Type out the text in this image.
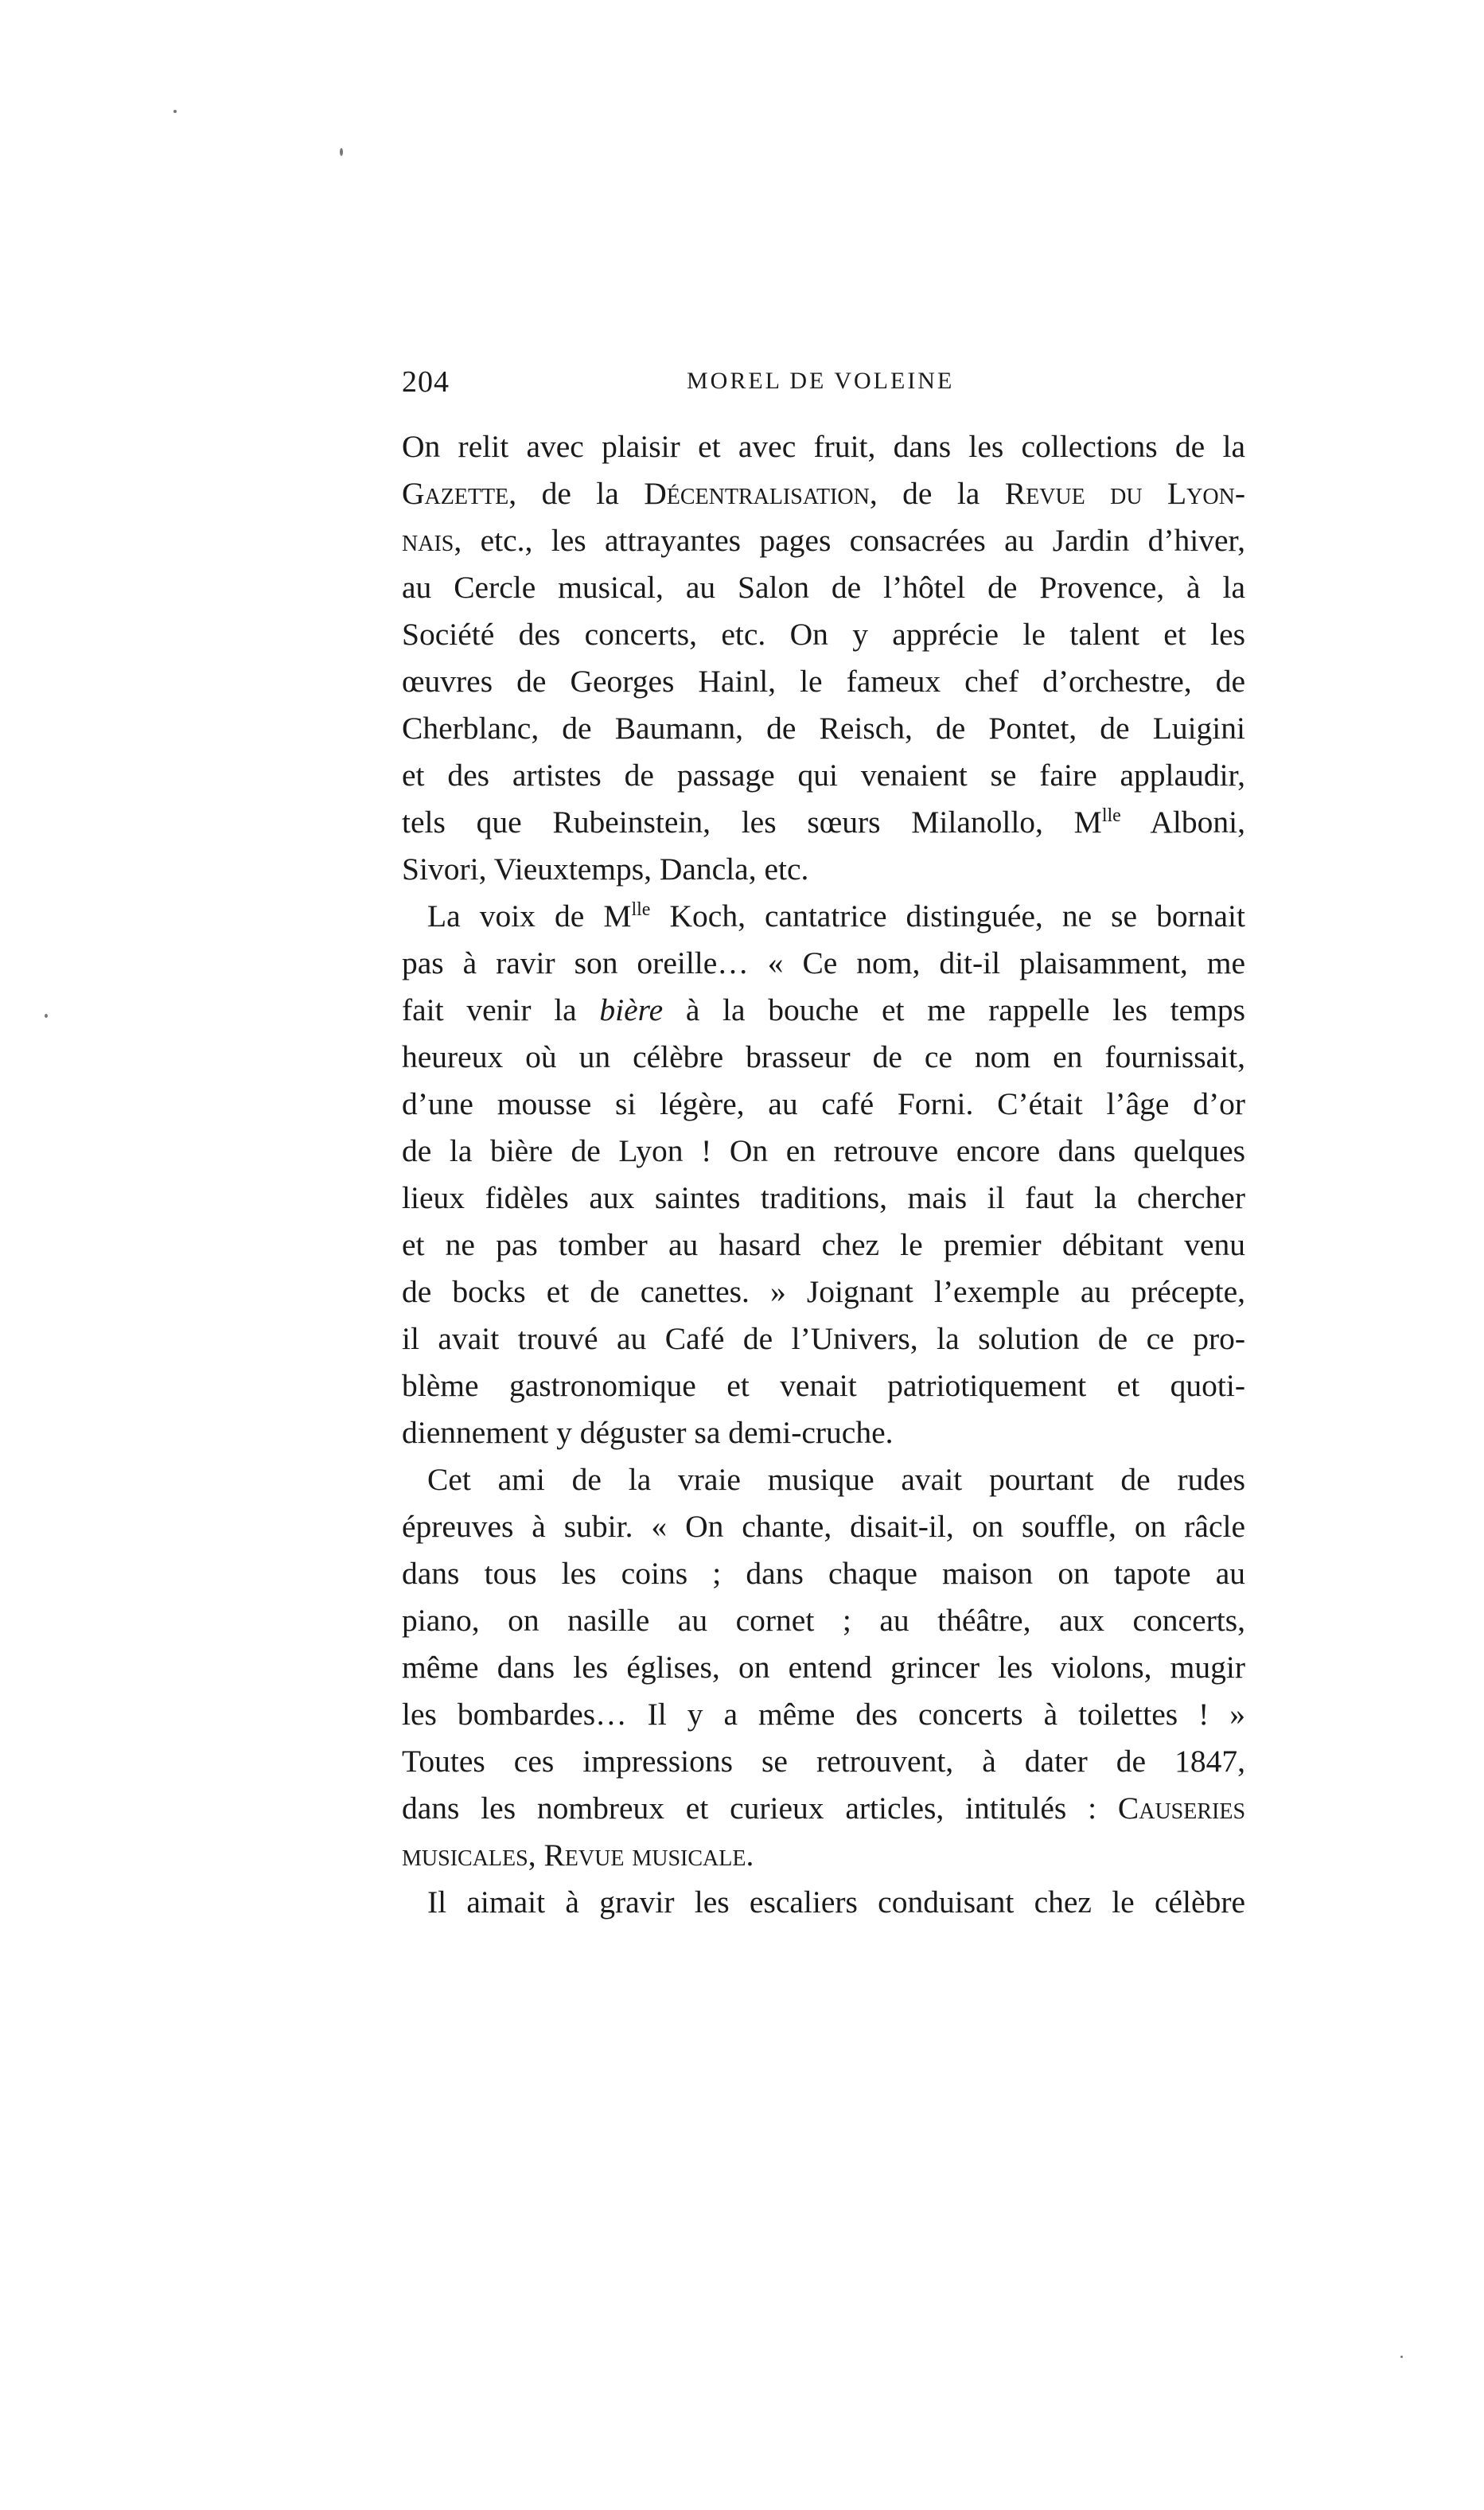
204	MOREL DE VOLEINE
On relit avec plaisir et avec fruit, dans les collections de la
Gazette, de la Décentralisation, de la Revue du Lyon-
nais, etc., les attrayantes pages consacrées au Jardin d’hiver,
au Cercle musical, au Salon de l’hôtel de Provence, à la
Société des concerts, etc. On y apprécie le talent et les
œuvres de Georges Hainl, le fameux chef d’orchestre, de
Cherblanc, de Baumann, de Reisch, de Pontet, de Luigini
et des artistes de passage qui venaient se faire applaudir,
tels que Rubeinstein, les sœurs Milanollo, $M^{lle}$ Alboni,
Sivori, Vieuxtemps, Dancla, etc.
La voix de $M^{lle}$ Koch, cantatrice distinguée, ne se bornait
pas à ravir son oreille… « Ce nom, dit-il plaisamment, me
fait venir la bière à la bouche et me rappelle les temps
heureux où un célèbre brasseur de ce nom en fournissait,
d’une mousse si légère, au café Forni. C’était l’âge d’or
de la bière de Lyon ! On en retrouve encore dans quelques
lieux fidèles aux saintes traditions, mais il faut la chercher
et ne pas tomber au hasard chez le premier débitant venu
de bocks et de canettes. » Joignant l’exemple au précepte,
il avait trouvé au Café de l’Univers, la solution de ce pro-
blème gastronomique et venait patriotiquement et quoti-
diennement y déguster sa demi-cruche.
Cet ami de la vraie musique avait pourtant de rudes
épreuves à subir. « On chante, disait-il, on souffle, on râcle
dans tous les coins ; dans chaque maison on tapote au
piano, on nasille au cornet ; au théâtre, aux concerts,
même dans les églises, on entend grincer les violons, mugir
les bombardes… Il y a même des concerts à toilettes ! »
Toutes ces impressions se retrouvent, à dater de 1847,
dans les nombreux et curieux articles, intitulés : Causeries
musicales, Revue musicale.
Il aimait à gravir les escaliers conduisant chez le célèbre
